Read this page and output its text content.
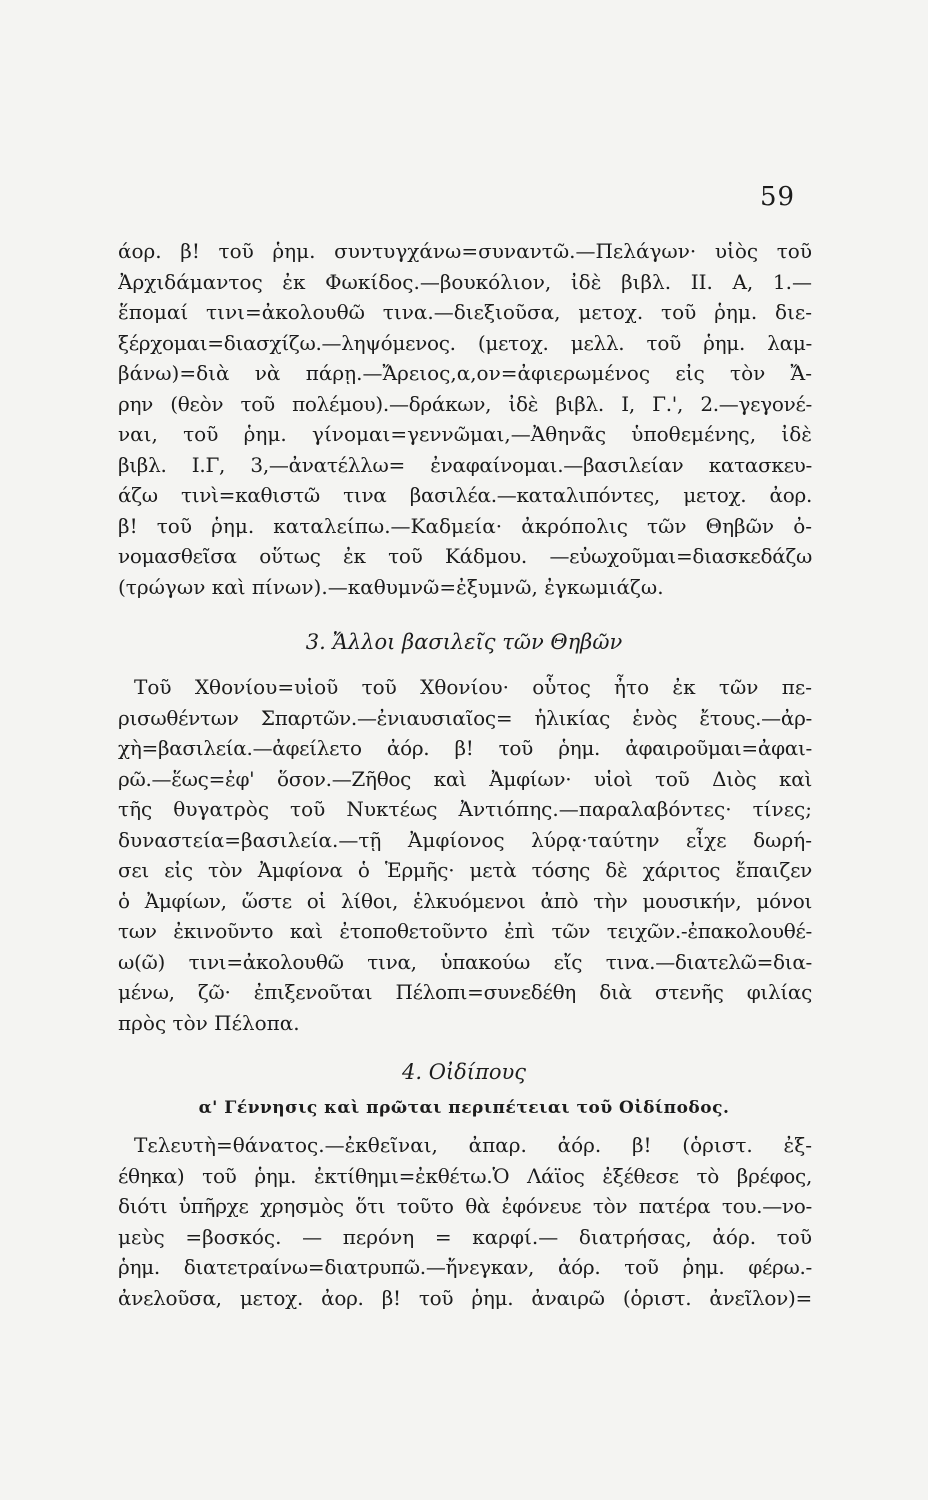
59
άορ. β! τοῦ ῥημ. συντυγχάνω=συναντῶ.—Πελάγων· υἱὸς τοῦ
Ἀρχιδάμαντος ἐκ Φωκίδος.—βουκόλιον, ἰδὲ βιβλ. II. A, 1.—
ἕπομαί τινι=ἀκολουθῶ τινα.—διεξιοῦσα, μετοχ. τοῦ ῥημ. διε-
ξέρχομαι=διασχίζω.—ληψόμενος. (μετοχ. μελλ. τοῦ ῥημ. λαμ-
βάνω)=διὰ νὰ πάρῃ.—Ἄρειος,α,ον=ἀφιερωμένος εἰς τὸν Ἄ-
ρην (θεὸν τοῦ πολέμου).—δράκων, ἰδὲ βιβλ. I, Γ.', 2.—γεγονέ-
ναι, τοῦ ῥημ. γίνομαι=γεννῶμαι,—Ἀθηνᾶς ὑποθεμένης, ἰδὲ
βιβλ. I.Γ, 3,—ἀνατέλλω= ἐναφαίνομαι.—βασιλείαν κατασκευ-
άζω τινὶ=καθιστῶ τινα βασιλέα.—καταλιπόντες, μετοχ. ἀορ.
β! τοῦ ῥημ. καταλείπω.—Καδμεία· ἀκρόπολις τῶν Θηβῶν ὀ-
νομασθεῖσα οὕτως ἐκ τοῦ Κάδμου. —εὐωχοῦμαι=διασκεδάζω
(τρώγων καὶ πίνων).—καθυμνῶ=ἐξυμνῶ, ἐγκωμιάζω.
3. Ἄλλοι βασιλεῖς τῶν Θηβῶν
Τοῦ Χθονίου=υἱοῦ τοῦ Χθονίου· οὗτος ἦτο ἐκ τῶν πε-
ρισωθέντων Σπαρτῶν.—ἐνιαυσιαῖος= ἡλικίας ἑνὸς ἔτους.—ἀρ-
χὴ=βασιλεία.—ἀφείλετο ἀόρ. β! τοῦ ῥημ. ἀφαιροῦμαι=ἀφαι-
ρῶ.—ἕως=ἐφ' ὅσον.—Ζῆθος καὶ Ἀμφίων· υἱοὶ τοῦ Διὸς καὶ
τῆς θυγατρὸς τοῦ Νυκτέως Ἀντιόπης.—παραλαβόντες· τίνες;
δυναστεία=βασιλεία.—τῇ Ἀμφίονος λύρᾳ·ταύτην εἶχε δωρή-
σει εἰς τὸν Ἀμφίονα ὁ Ἑρμῆς· μετὰ τόσης δὲ χάριτος ἔπαιζεν
ὁ Ἀμφίων, ὥστε οἱ λίθοι, ἑλκυόμενοι ἀπὸ τὴν μουσικήν, μόνοι
των ἐκινοῦντο καὶ ἐτοποθετοῦντο ἐπὶ τῶν τειχῶν.-ἐπακολουθέ-
ω(ῶ) τινι=ἀκολουθῶ τινα, ὑπακούω εἴς τινα.—διατελῶ=δια-
μένω, ζῶ· ἐπιξενοῦται Πέλοπι=συνεδέθη διὰ στενῆς φιλίας
πρὸς τὸν Πέλοπα.
4. Οἰδίπους
α' Γέννησις καὶ πρῶται περιπέτειαι τοῦ Οἰδίποδος.
Τελευτὴ=θάνατος.—ἐκθεῖναι, ἀπαρ. ἀόρ. β! (ὁριστ. ἐξ-
έθηκα) τοῦ ῥημ. ἐκτίθημι=ἐκθέτω.Ὁ Λάϊος ἐξέθεσε τὸ βρέφος,
διότι ὑπῆρχε χρησμὸς ὅτι τοῦτο θὰ ἐφόνευε τὸν πατέρα του.—νο-
μεὺς =βοσκός. — περόνη = καρφί.— διατρήσας, ἀόρ. τοῦ
ῥημ. διατετραίνω=διατρυπῶ.—ἤνεγκαν, ἀόρ. τοῦ ῥημ. φέρω.-
ἀνελοῦσα, μετοχ. ἀορ. β! τοῦ ῥημ. ἀναιρῶ (ὁριστ. ἀνεῖλον)=
